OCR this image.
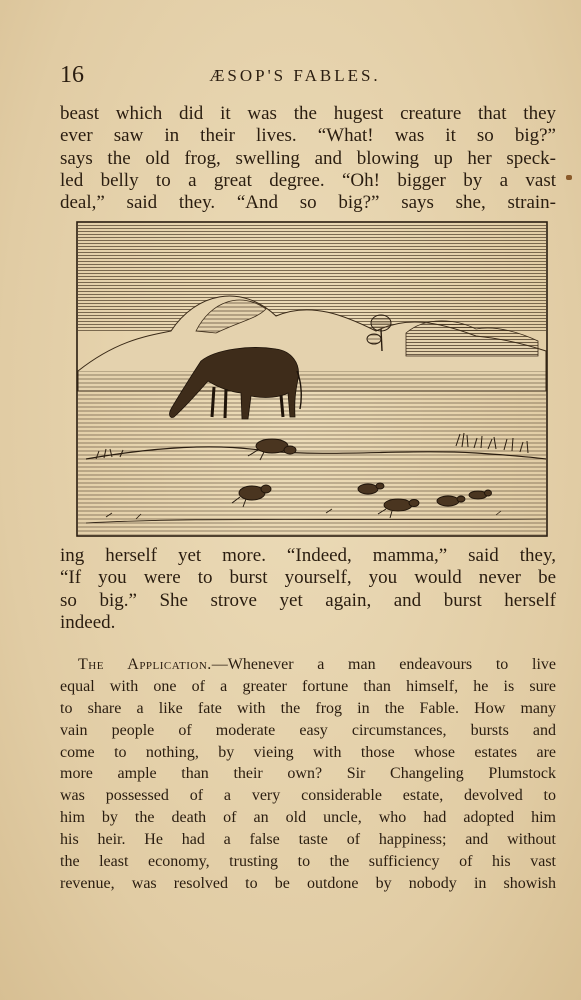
16	ÆSOP'S FABLES.
beast which did it was the hugest creature that they
ever saw in their lives. “What! was it so big?”
says the old frog, swelling and blowing up her speck-
led belly to a great degree. “Oh! bigger by a vast
deal,” said they. “And so big?” says she, strain-
ing herself yet more. “Indeed, mamma,” said they,
“If you were to burst yourself, you would never be
so big.” She strove yet again, and burst herself
indeed.
The Application.—Whenever a man endeavours to live
equal with one of a greater fortune than himself, he is sure
to share a like fate with the frog in the Fable. How many
vain people of moderate easy circumstances, bursts and
come to nothing, by vieing with those whose estates are
more ample than their own? Sir Changeling Plumstock
was possessed of a very considerable estate, devolved to
him by the death of an old uncle, who had adopted him
his heir. He had a false taste of happiness; and without
the least economy, trusting to the sufficiency of his vast
revenue, was resolved to be outdone by nobody in showish
